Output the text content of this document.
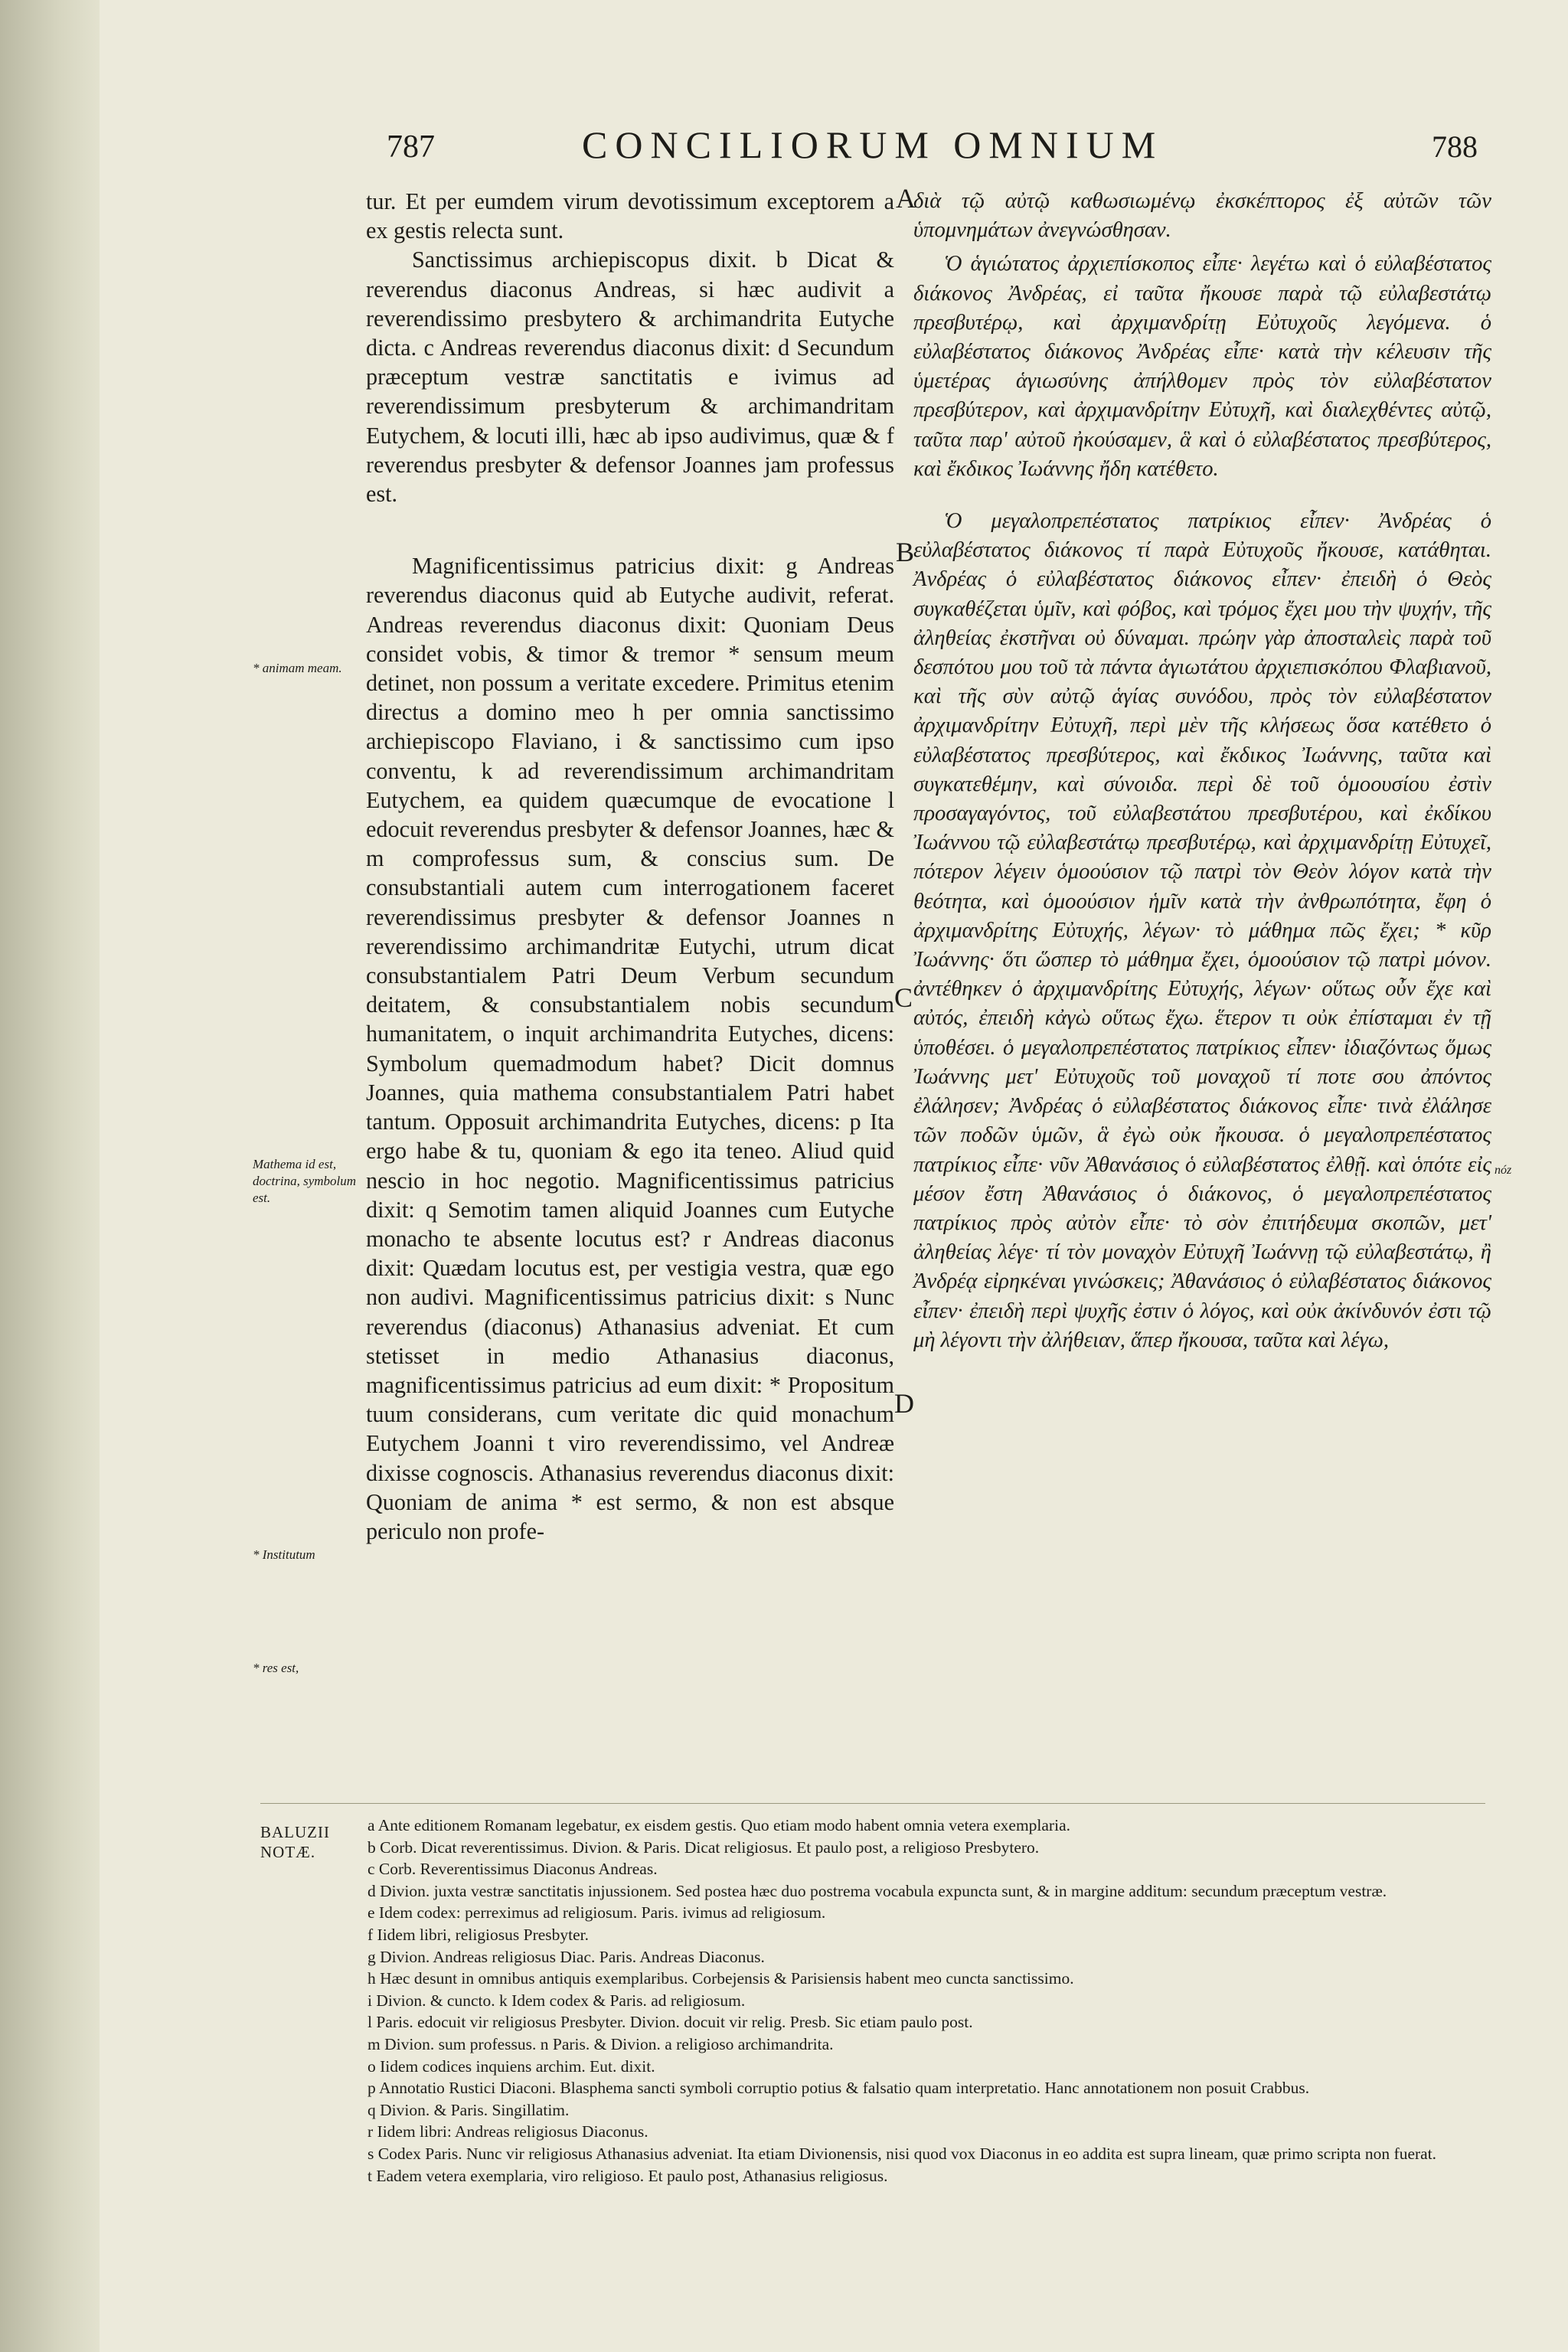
787	CONCILIORUM OMNIUM	788

tur. Et per eumdem virum devotissimum exceptorem a ex gestis relecta sunt.

Sanctissimus archiepiscopus dixit. b Dicat & reverendus diaconus Andreas, si hæc audivit a reverendissimo presbytero & archimandrita Eutyche dicta. c Andreas reverendus diaconus dixit: d Secundum præceptum vestræ sanctitatis e ivimus ad reverendissimum presbyterum & archimandritam Eutychem, & locuti illi, hæc ab ipso audivimus, quæ & f reverendus presbyter & defensor Joannes jam professus est.

Magnificentissimus patricius dixit: g Andreas reverendus diaconus quid ab Eutyche audivit, referat. Andreas reverendus diaconus dixit: Quoniam Deus considet vobis, & timor & tremor * sensum meum detinet, non possum a veritate excedere. Primitus etenim directus a domino meo h per omnia sanctissimo archiepiscopo Flaviano, i & sanctissimo cum ipso conventu, k ad reverendissimum archimandritam Eutychem, ea quidem quæcumque de evocatione l edocuit reverendus presbyter & defensor Joannes, hæc & m comprofessus sum, & conscius sum. De consubstantiali autem cum interrogationem faceret reverendissimus presbyter & defensor Joannes n reverendissimo archimandritæ Eutychi, utrum dicat consubstantialem Patri Deum Verbum secundum deitatem, & consubstantialem nobis secundum humanitatem, o inquit archimandrita Eutyches, dicens: Symbolum quemadmodum habet? Dicit domnus Joannes, quia mathema consubstantialem Patri habet tantum. Opposuit archimandrita Eutyches, dicens: p Ita ergo habe & tu, quoniam & ego ita teneo. Aliud quid nescio in hoc negotio. Magnificentissimus patricius dixit: q Semotim tamen aliquid Joannes cum Eutyche monacho te absente locutus est? r Andreas diaconus dixit: Quædam locutus est, per vestigia vestra, quæ ego non audivi. Magnificentissimus patricius dixit: s Nunc reverendus (diaconus) Athanasius adveniat. Et cum stetisset in medio Athanasius diaconus, magnificentissimus patricius ad eum dixit: * Propositum tuum considerans, cum veritate dic quid monachum Eutychem Joanni t viro reverendissimo, vel Andreæ dixisse cognoscis. Athanasius reverendus diaconus dixit: Quoniam de anima * est sermo, & non est absque periculo non profe-

A
B
C
D

διὰ τῷ αὐτῷ καθωσιωμένῳ ἐκσκέπτορος ἐξ αὐτῶν τῶν ὑπομνημάτων ἀνεγνώσθησαν.

Ὁ ἁγιώτατος ἀρχιεπίσκοπος εἶπε· λεγέτω καὶ ὁ εὐλαβέστατος διάκονος Ἀνδρέας, εἰ ταῦτα ἤκουσε παρὰ τῷ εὐλαβεστάτῳ πρεσβυτέρῳ, καὶ ἀρχιμανδρίτῃ Εὐτυχοῦς λεγόμενα. ὁ εὐλαβέστατος διάκονος Ἀνδρέας εἶπε· κατὰ τὴν κέλευσιν τῆς ὑμετέρας ἁγιωσύνης ἀπήλθομεν πρὸς τὸν εὐλαβέστατον πρεσβύτερον, καὶ ἀρχιμανδρίτην Εὐτυχῆ, καὶ διαλεχθέντες αὐτῷ, ταῦτα παρ' αὐτοῦ ἠκούσαμεν, ἃ καὶ ὁ εὐλαβέστατος πρεσβύτερος, καὶ ἔκδικος Ἰωάννης ἤδη κατέθετο.

Ὁ μεγαλοπρεπέστατος πατρίκιος εἶπεν· Ἀνδρέας ὁ εὐλαβέστατος διάκονος τί παρὰ Εὐτυχοῦς ἤκουσε, κατάθηται. Ἀνδρέας ὁ εὐλαβέστατος διάκονος εἶπεν· ἐπειδὴ ὁ Θεὸς συγκαθέζεται ὑμῖν, καὶ φόβος, καὶ τρόμος ἔχει μου τὴν ψυχήν, τῆς ἀληθείας ἐκστῆναι οὐ δύναμαι. πρώην γὰρ ἀποσταλεὶς παρὰ τοῦ δεσπότου μου τοῦ τὰ πάντα ἁγιωτάτου ἀρχιεπισκόπου Φλαβιανοῦ, καὶ τῆς σὺν αὐτῷ ἁγίας συνόδου, πρὸς τὸν εὐλαβέστατον ἀρχιμανδρίτην Εὐτυχῆ, περὶ μὲν τῆς κλήσεως ὅσα κατέθετο ὁ εὐλαβέστατος πρεσβύτερος, καὶ ἔκδικος Ἰωάννης, ταῦτα καὶ συγκατεθέμην, καὶ σύνοιδα. περὶ δὲ τοῦ ὁμοουσίου ἐστὶν προσαγαγόντος, τοῦ εὐλαβεστάτου πρεσβυτέρου, καὶ ἐκδίκου Ἰωάννου τῷ εὐλαβεστάτῳ πρεσβυτέρῳ, καὶ ἀρχιμανδρίτῃ Εὐτυχεῖ, πότερον λέγειν ὁμοούσιον τῷ πατρὶ τὸν Θεὸν λόγον κατὰ τὴν θεότητα, καὶ ὁμοούσιον ἡμῖν κατὰ τὴν ἀνθρωπότητα, ἔφη ὁ ἀρχιμανδρίτης Εὐτυχής, λέγων· τὸ μάθημα πῶς ἔχει; * κῦρ Ἰωάννης· ὅτι ὥσπερ τὸ μάθημα ἔχει, ὁμοούσιον τῷ πατρὶ μόνον. ἀντέθηκεν ὁ ἀρχιμανδρίτης Εὐτυχής, λέγων· οὕτως οὖν ἔχε καὶ αὐτός, ἐπειδὴ κἀγὼ οὕτως ἔχω. ἕτερον τι οὐκ ἐπίσταμαι ἐν τῇ ὑποθέσει. ὁ μεγαλοπρεπέστατος πατρίκιος εἶπεν· ἰδιαζόντως ὅμως Ἰωάννης μετ' Εὐτυχοῦς τοῦ μοναχοῦ τί ποτε σου ἀπόντος ἐλάλησεν; Ἀνδρέας ὁ εὐλαβέστατος διάκονος εἶπε· τινὰ ἐλάλησε τῶν ποδῶν ὑμῶν, ἃ ἐγὼ οὐκ ἤκουσα. ὁ μεγαλοπρεπέστατος πατρίκιος εἶπε· νῦν Ἀθανάσιος ὁ εὐλαβέστατος ἐλθῇ. καὶ ὁπότε εἰς μέσον ἔστη Ἀθανάσιος ὁ διάκονος, ὁ μεγαλοπρεπέστατος πατρίκιος πρὸς αὐτὸν εἶπε· τὸ σὸν ἐπιτήδευμα σκοπῶν, μετ' ἀληθείας λέγε· τί τὸν μοναχὸν Εὐτυχῆ Ἰωάννῃ τῷ εὐλαβεστάτῳ, ἢ Ἀνδρέᾳ εἰρηκέναι γινώσκεις; Ἀθανάσιος ὁ εὐλαβέστατος διάκονος εἶπεν· ἐπειδὴ περὶ ψυχῆς ἐστιν ὁ λόγος, καὶ οὐκ ἀκίνδυνόν ἐστι τῷ μὴ λέγοντι τὴν ἀλήθειαν, ἅπερ ἤκουσα, ταῦτα καὶ λέγω,

* animam meam.
Mathema id est, doctrina, symbolum est.
* Institutum
* res est,
nóz
BALUZII NOTÆ.

a Ante editionem Romanam legebatur, ex eisdem gestis. Quo etiam modo habent omnia vetera exemplaria.

b Corb. Dicat reverentissimus. Divion. & Paris. Dicat religiosus. Et paulo post, a religioso Presbytero.

c Corb. Reverentissimus Diaconus Andreas.

d Divion. juxta vestræ sanctitatis injussionem. Sed postea hæc duo postrema vocabula expuncta sunt, & in margine additum: secundum præceptum vestræ.

e Idem codex: perreximus ad religiosum. Paris. ivimus ad religiosum.

f Iidem libri, religiosus Presbyter.

g Divion. Andreas religiosus Diac. Paris. Andreas Diaconus.

h Hæc desunt in omnibus antiquis exemplaribus. Corbejensis & Parisiensis habent meo cuncta sanctissimo.

i Divion. & cuncto. k Idem codex & Paris. ad religiosum.

l Paris. edocuit vir religiosus Presbyter. Divion. docuit vir relig. Presb. Sic etiam paulo post.

m Divion. sum professus. n Paris. & Divion. a religioso archimandrita.

o Iidem codices inquiens archim. Eut. dixit.

p Annotatio Rustici Diaconi. Blasphema sancti symboli corruptio potius & falsatio quam interpretatio. Hanc annotationem non posuit Crabbus.

q Divion. & Paris. Singillatim.

r Iidem libri: Andreas religiosus Diaconus.

s Codex Paris. Nunc vir religiosus Athanasius adveniat. Ita etiam Divionensis, nisi quod vox Diaconus in eo addita est supra lineam, quæ primo scripta non fuerat.

t Eadem vetera exemplaria, viro religioso. Et paulo post, Athanasius religiosus.
